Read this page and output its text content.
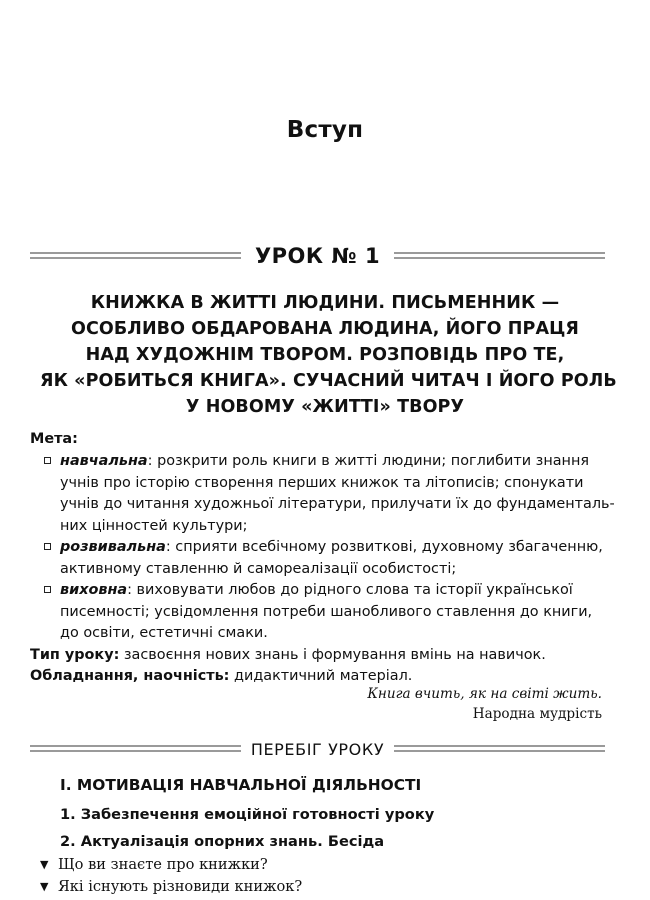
Вступ
УРОК № 1
КНИЖКА В ЖИТТІ ЛЮДИНИ. ПИСЬМЕННИК —
ОСОБЛИВО ОБДАРОВАНА ЛЮДИНА, ЙОГО ПРАЦЯ
НАД ХУДОЖНІМ ТВОРОМ. РОЗПОВІДЬ ПРО ТЕ,
ЯК «РОБИТЬСЯ КНИГА». СУЧАСНИЙ ЧИТАЧ І ЙОГО РОЛЬ
У НОВОМУ «ЖИТТІ» ТВОРУ
Мета:

навчальна: розкрити роль книги в житті людини; поглибити знання
учнів про історію створення перших книжок та літописів; спонукати
учнів до читання художньої літератури, прилучати їх до фундаменталь-
них цінностей культури;

розвивальна: сприяти всебічному розвиткові, духовному збагаченню,
активному ставленню й самореалізації особистості;

виховна: виховувати любов до рідного слова та історії української
писемності; усвідомлення потреби шанобливого ставлення до книги,
до освіти, естетичні смаки.

Тип уроку: засвоєння нових знань і формування вмінь на навичок.
Обладнання, наочність: дидактичний матеріал.
Книга вчить, як на світі жить.
Народна мудрість
ПЕРЕБІГ УРОКУ
I. МОТИВАЦІЯ НАВЧАЛЬНОЇ ДІЯЛЬНОСТІ
1. Забезпечення емоційної готовності уроку
2. Актуалізація опорних знань. Бесіда
▼ Що ви знаєте про книжки?
▼ Які існують різновиди книжок?
